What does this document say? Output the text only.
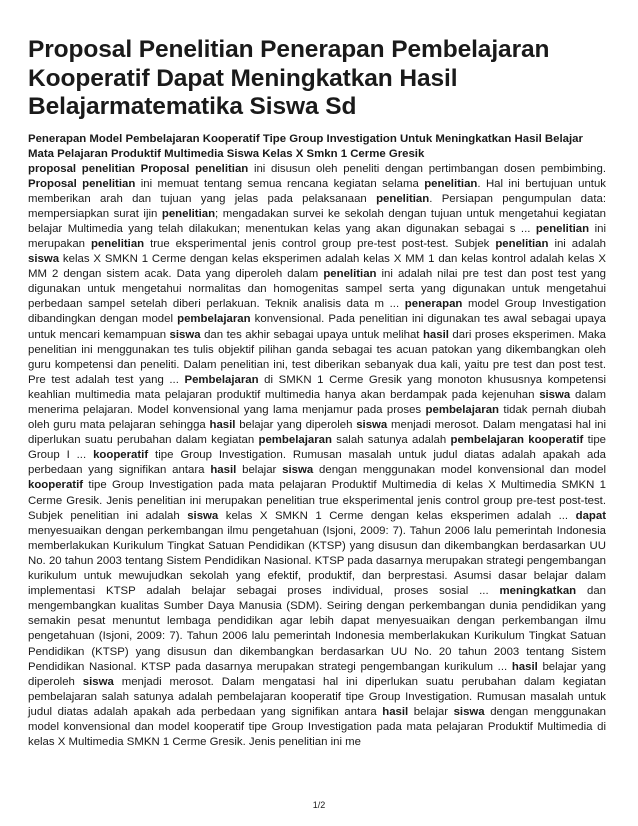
Proposal Penelitian Penerapan Pembelajaran Kooperatif Dapat Meningkatkan Hasil Belajarmatematika Siswa Sd
Penerapan Model Pembelajaran Kooperatif Tipe Group Investigation Untuk Meningkatkan Hasil Belajar Mata Pelajaran Produktif Multimedia Siswa Kelas X Smkn 1 Cerme Gresik
proposal penelitian Proposal penelitian ini disusun oleh peneliti dengan pertimbangan dosen pembimbing. Proposal penelitian ini memuat tentang semua rencana kegiatan selama penelitian. Hal ini bertujuan untuk memberikan arah dan tujuan yang jelas pada pelaksanaan penelitian. Persiapan pengumpulan data: mempersiapkan surat ijin penelitian; mengadakan survei ke sekolah dengan tujuan untuk mengetahui kegiatan belajar Multimedia yang telah dilakukan; menentukan kelas yang akan digunakan sebagai s ... penelitian ini merupakan penelitian true eksperimental jenis control group pre-test post-test. Subjek penelitian ini adalah siswa kelas X SMKN 1 Cerme dengan kelas eksperimen adalah kelas X MM 1 dan kelas kontrol adalah kelas X MM 2 dengan sistem acak. Data yang diperoleh dalam penelitian ini adalah nilai pre test dan post test yang digunakan untuk mengetahui normalitas dan homogenitas sampel serta yang digunakan untuk mengetahui perbedaan sampel setelah diberi perlakuan. Teknik analisis data m ... penerapan model Group Investigation dibandingkan dengan model pembelajaran konvensional. Pada penelitian ini digunakan tes awal sebagai upaya untuk mencari kemampuan siswa dan tes akhir sebagai upaya untuk melihat hasil dari proses eksperimen. Maka penelitian ini menggunakan tes tulis objektif pilihan ganda sebagai tes acuan patokan yang dikembangkan oleh guru kompetensi dan peneliti. Dalam penelitian ini, test diberikan sebanyak dua kali, yaitu pre test dan post test. Pre test adalah test yang ... Pembelajaran di SMKN 1 Cerme Gresik yang monoton khususnya kompetensi keahlian multimedia mata pelajaran produktif multimedia hanya akan berdampak pada kejenuhan siswa dalam menerima pelajaran. Model konvensional yang lama menjamur pada proses pembelajaran tidak pernah diubah oleh guru mata pelajaran sehingga hasil belajar yang diperoleh siswa menjadi merosot. Dalam mengatasi hal ini diperlukan suatu perubahan dalam kegiatan pembelajaran salah satunya adalah pembelajaran kooperatif tipe Group I ... kooperatif tipe Group Investigation. Rumusan masalah untuk judul diatas adalah apakah ada perbedaan yang signifikan antara hasil belajar siswa dengan menggunakan model konvensional dan model kooperatif tipe Group Investigation pada mata pelajaran Produktif Multimedia di kelas X Multimedia SMKN 1 Cerme Gresik. Jenis penelitian ini merupakan penelitian true eksperimental jenis control group pre-test post-test. Subjek penelitian ini adalah siswa kelas X SMKN 1 Cerme dengan kelas eksperimen adalah ... dapat menyesuaikan dengan perkembangan ilmu pengetahuan (Isjoni, 2009: 7). Tahun 2006 lalu pemerintah Indonesia memberlakukan Kurikulum Tingkat Satuan Pendidikan (KTSP) yang disusun dan dikembangkan berdasarkan UU No. 20 tahun 2003 tentang Sistem Pendidikan Nasional. KTSP pada dasarnya merupakan strategi pengembangan kurikulum untuk mewujudkan sekolah yang efektif, produktif, dan berprestasi. Asumsi dasar belajar dalam implementasi KTSP adalah belajar sebagai proses individual, proses sosial ... meningkatkan dan mengembangkan kualitas Sumber Daya Manusia (SDM). Seiring dengan perkembangan dunia pendidikan yang semakin pesat menuntut lembaga pendidikan agar lebih dapat menyesuaikan dengan perkembangan ilmu pengetahuan (Isjoni, 2009: 7). Tahun 2006 lalu pemerintah Indonesia memberlakukan Kurikulum Tingkat Satuan Pendidikan (KTSP) yang disusun dan dikembangkan berdasarkan UU No. 20 tahun 2003 tentang Sistem Pendidikan Nasional. KTSP pada dasarnya merupakan strategi pengembangan kurikulum ... hasil belajar yang diperoleh siswa menjadi merosot. Dalam mengatasi hal ini diperlukan suatu perubahan dalam kegiatan pembelajaran salah satunya adalah pembelajaran kooperatif tipe Group Investigation. Rumusan masalah untuk judul diatas adalah apakah ada perbedaan yang signifikan antara hasil belajar siswa dengan menggunakan model konvensional dan model kooperatif tipe Group Investigation pada mata pelajaran Produktif Multimedia di kelas X Multimedia SMKN 1 Cerme Gresik. Jenis penelitian ini me
1/2
